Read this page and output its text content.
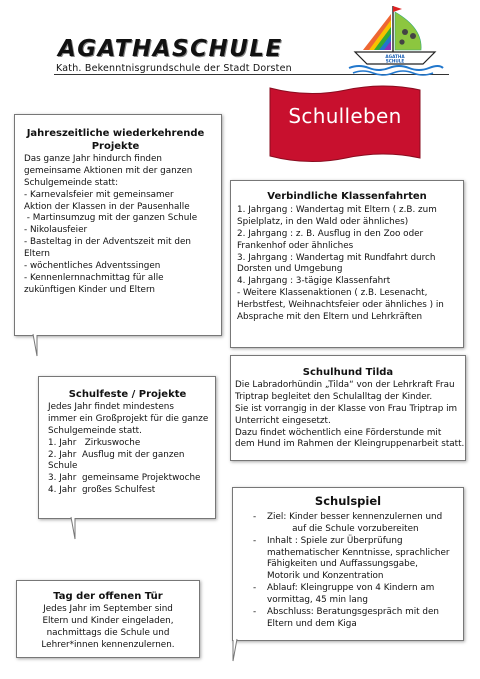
AGATHASCHULE
Kath. Bekenntnisgrundschule der Stadt Dorsten
AGATHA
SCHULE
Schulleben
Jahreszeitliche wiederkehrende
Projekte
Das ganze Jahr hindurch finden
gemeinsame Aktionen mit der ganzen
Schulgemeinde statt:
- Karnevalsfeier mit gemeinsamer
Aktion der Klassen in der Pausenhalle
- Martinsumzug mit der ganzen Schule
- Nikolausfeier
- Basteltag in der Adventszeit mit den
Eltern
- wöchentliches Adventssingen
- Kennenlernnachmittag für alle
zukünftigen Kinder und Eltern
Verbindliche Klassenfahrten
1. Jahrgang : Wandertag mit Eltern ( z.B. zum
Spielplatz, in den Wald oder ähnliches)
2. Jahrgang : z. B. Ausflug in den Zoo oder
Frankenhof oder ähnliches
3. Jahrgang : Wandertag mit Rundfahrt durch
Dorsten und Umgebung
4. Jahrgang : 3-tägige Klassenfahrt
- Weitere Klassenaktionen ( z.B. Lesenacht,
Herbstfest, Weihnachtsfeier oder ähnliches ) in
Absprache mit den Eltern und Lehrkräften
Schulhund Tilda
Die Labradorhündin „Tilda“ von der Lehrkraft Frau
Triptrap begleitet den Schulalltag der Kinder.
Sie ist vorrangig in der Klasse von Frau Triptrap im
Unterricht eingesetzt.
Dazu findet wöchentlich eine Förderstunde mit
dem Hund im Rahmen der Kleingruppenarbeit statt.
Schulfeste / Projekte
Jedes Jahr findet mindestens
immer ein Großprojekt für die ganze
Schulgemeinde statt.
1. Jahr   Zirkuswoche
2. Jahr  Ausflug mit der ganzen
Schule
3. Jahr  gemeinsame Projektwoche
4. Jahr  großes Schulfest
Schulspiel
- Ziel: Kinder besser kennenzulernen und
auf die Schule vorzubereiten
- Inhalt : Spiele zur Überprüfung
mathematischer Kenntnisse, sprachlicher
Fähigkeiten und Auffassungsgabe,
Motorik und Konzentration
- Ablauf: Kleingruppe von 4 Kindern am
vormittag, 45 min lang
- Abschluss: Beratungsgespräch mit den
Eltern und dem Kiga
Tag der offenen Tür
Jedes Jahr im September sind
Eltern und Kinder eingeladen,
nachmittags die Schule und
Lehrer*innen kennenzulernen.
